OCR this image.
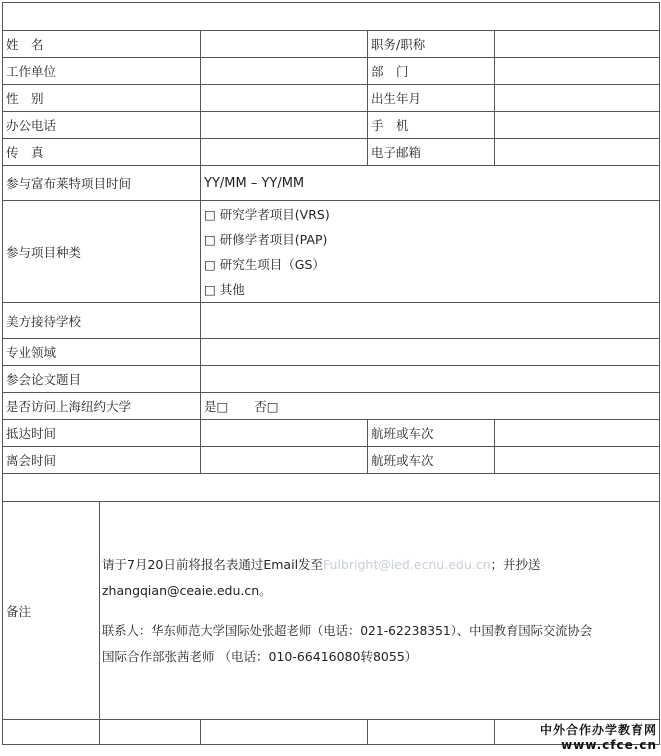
姓　名			职务/职称	
工作单位			部　门	
性　别			出生年月	
办公电话			手　机	
传　真			电子邮箱	
参与富布莱特项目时间		YY/MM – YY/MM		
参与项目种类		□ 研究学者项目(VRS)
□ 研修学者项目(PAP)
□ 研究生项目（GS）
□ 其他		

美方接待学校				
专业领域				
参会论文题目				
是否访问上海纽约大学		是□ 否□		
抵达时间			航班或车次	
离会时间			航班或车次	

备注	请于7月20日前将报名表通过Email发至Fulbright@ied.ecnu.edu.cn；并抄送

zhangqian@ceaie.edu.cn。

联系人：华东师范大学国际处张超老师（电话：021-62238351）、中国教育国际交流协会

国际合作部张茜老师 （电话：010-66416080转8055）			

中外合作办学教育网
www.cfce.cn
